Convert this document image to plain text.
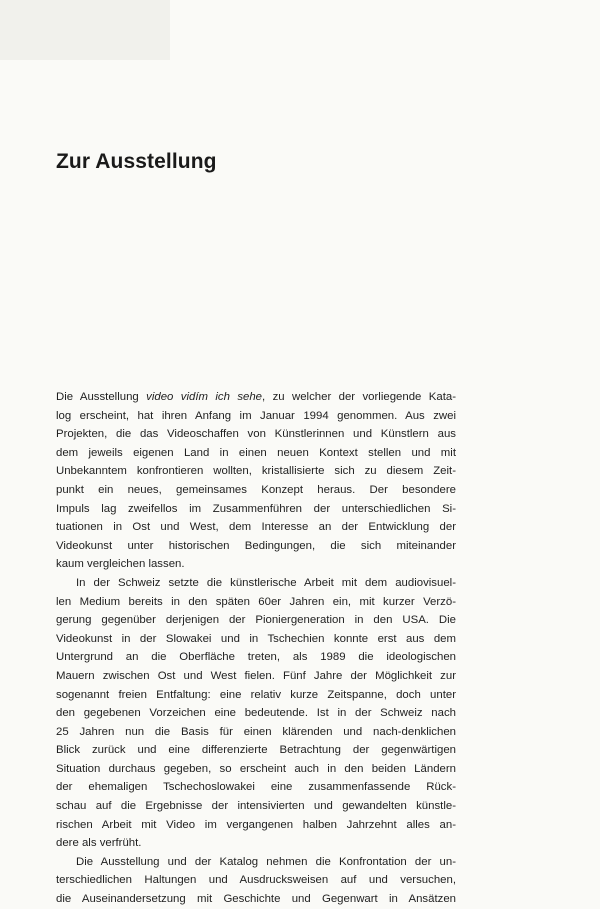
Zur Ausstellung

Die Ausstellung video vidím ich sehe, zu welcher der vorliegende Kata-
log erscheint, hat ihren Anfang im Januar 1994 genommen. Aus zwei
Projekten, die das Videoschaffen von Künstlerinnen und Künstlern aus
dem jeweils eigenen Land in einen neuen Kontext stellen und mit
Unbekanntem konfrontieren wollten, kristallisierte sich zu diesem Zeit-
punkt ein neues, gemeinsames Konzept heraus. Der besondere
Impuls lag zweifellos im Zusammenführen der unterschiedlichen Si-
tuationen in Ost und West, dem Interesse an der Entwicklung der
Videokunst unter historischen Bedingungen, die sich miteinander
kaum vergleichen lassen.

In der Schweiz setzte die künstlerische Arbeit mit dem audiovisuel-
len Medium bereits in den späten 60er Jahren ein, mit kurzer Verzö-
gerung gegenüber derjenigen der Pioniergeneration in den USA. Die
Videokunst in der Slowakei und in Tschechien konnte erst aus dem
Untergrund an die Oberfläche treten, als 1989 die ideologischen
Mauern zwischen Ost und West fielen. Fünf Jahre der Möglichkeit zur
sogenannt freien Entfaltung: eine relativ kurze Zeitspanne, doch unter
den gegebenen Vorzeichen eine bedeutende. Ist in der Schweiz nach
25 Jahren nun die Basis für einen klärenden und nach-denklichen
Blick zurück und eine differenzierte Betrachtung der gegenwärtigen
Situation durchaus gegeben, so erscheint auch in den beiden Ländern
der ehemaligen Tschechoslowakei eine zusammenfassende Rück-
schau auf die Ergebnisse der intensivierten und gewandelten künstle-
rischen Arbeit mit Video im vergangenen halben Jahrzehnt alles an-
dere als verfrüht.

Die Ausstellung und der Katalog nehmen die Konfrontation der un-
terschiedlichen Haltungen und Ausdrucksweisen auf und versuchen,
die Auseinandersetzung mit Geschichte und Gegenwart in Ansätzen
